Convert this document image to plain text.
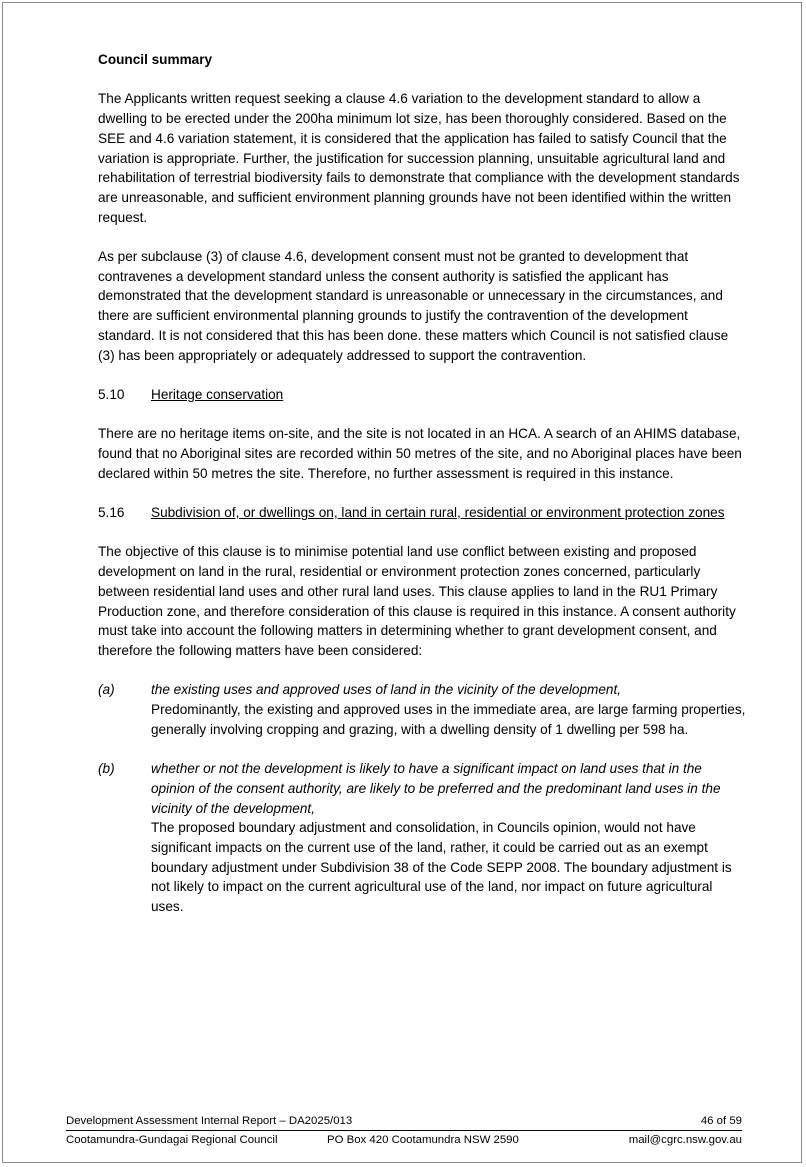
Council summary

The Applicants written request seeking a clause 4.6 variation to the development standard to allow a dwelling to be erected under the 200ha minimum lot size, has been thoroughly considered. Based on the SEE and 4.6 variation statement, it is considered that the application has failed to satisfy Council that the variation is appropriate. Further, the justification for succession planning, unsuitable agricultural land and rehabilitation of terrestrial biodiversity fails to demonstrate that compliance with the development standards are unreasonable, and sufficient environment planning grounds have not been identified within the written request.

As per subclause (3) of clause 4.6, development consent must not be granted to development that contravenes a development standard unless the consent authority is satisfied the applicant has demonstrated that the development standard is unreasonable or unnecessary in the circumstances, and there are sufficient environmental planning grounds to justify the contravention of the development standard. It is not considered that this has been done. these matters which Council is not satisfied clause (3) has been appropriately or adequately addressed to support the contravention.

5.10	Heritage conservation

There are no heritage items on-site, and the site is not located in an HCA. A search of an AHIMS database, found that no Aboriginal sites are recorded within 50 metres of the site, and no Aboriginal places have been declared within 50 metres the site. Therefore, no further assessment is required in this instance.

5.16	Subdivision of, or dwellings on, land in certain rural, residential or environment protection zones

The objective of this clause is to minimise potential land use conflict between existing and proposed development on land in the rural, residential or environment protection zones concerned, particularly between residential land uses and other rural land uses. This clause applies to land in the RU1 Primary Production zone, and therefore consideration of this clause is required in this instance. A consent authority must take into account the following matters in determining whether to grant development consent, and therefore the following matters have been considered:

(a)	the existing uses and approved uses of land in the vicinity of the development,

Predominantly, the existing and approved uses in the immediate area, are large farming properties, generally involving cropping and grazing, with a dwelling density of 1 dwelling per 598 ha.

(b)	whether or not the development is likely to have a significant impact on land uses that in the opinion of the consent authority, are likely to be preferred and the predominant land uses in the vicinity of the development,

The proposed boundary adjustment and consolidation, in Councils opinion, would not have significant impacts on the current use of the land, rather, it could be carried out as an exempt boundary adjustment under Subdivision 38 of the Code SEPP 2008. The boundary adjustment is not likely to impact on the current agricultural use of the land, nor impact on future agricultural uses.

Development Assessment Internal Report – DA2025/013	46 of 59
Cootamundra-Gundagai Regional Council	PO Box 420 Cootamundra NSW 2590	mail@cgrc.nsw.gov.au
